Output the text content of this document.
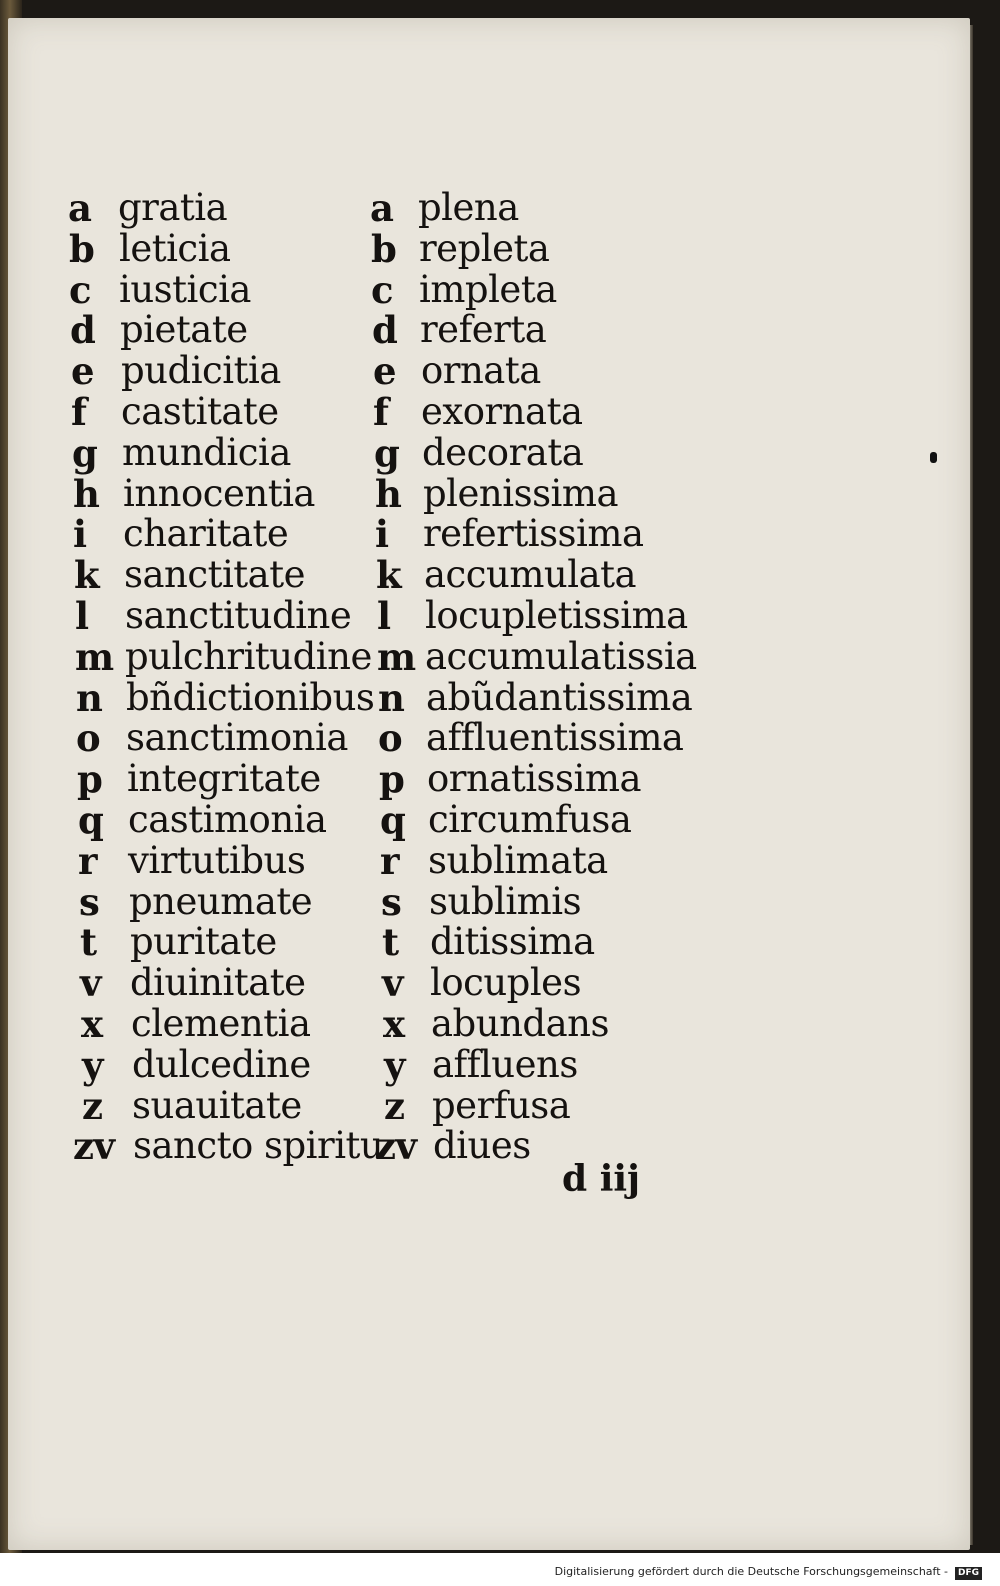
a gratia
b leticia
c iusticia
d pietate
e pudicitia
f castitate
g mundicia
h innocentia
i charitate
k sanctitate
l sanctitudine
m pulchritudine
n bñdictionibus
o sanctimonia
p integritate
q castimonia
r virtutibus
s pneumate
t puritate
v diuinitate
x clementia
y dulcedine
z suauitate
zv sancto spiritu
a plena
b repleta
c impleta
d referta
e ornata
f exornata
g decorata
h plenissima
i refertissima
k accumulata
l locupletissima
m accumulatissia
n abũdantissima
o affluentissima
p ornatissima
q circumfusa
r sublimata
s sublimis
t ditissima
v locuples
x abundans
y affluens
z perfusa
zv diues
d iij
Digitalisierung gefördert durch die Deutsche Forschungsgemeinschaft -	DFG
